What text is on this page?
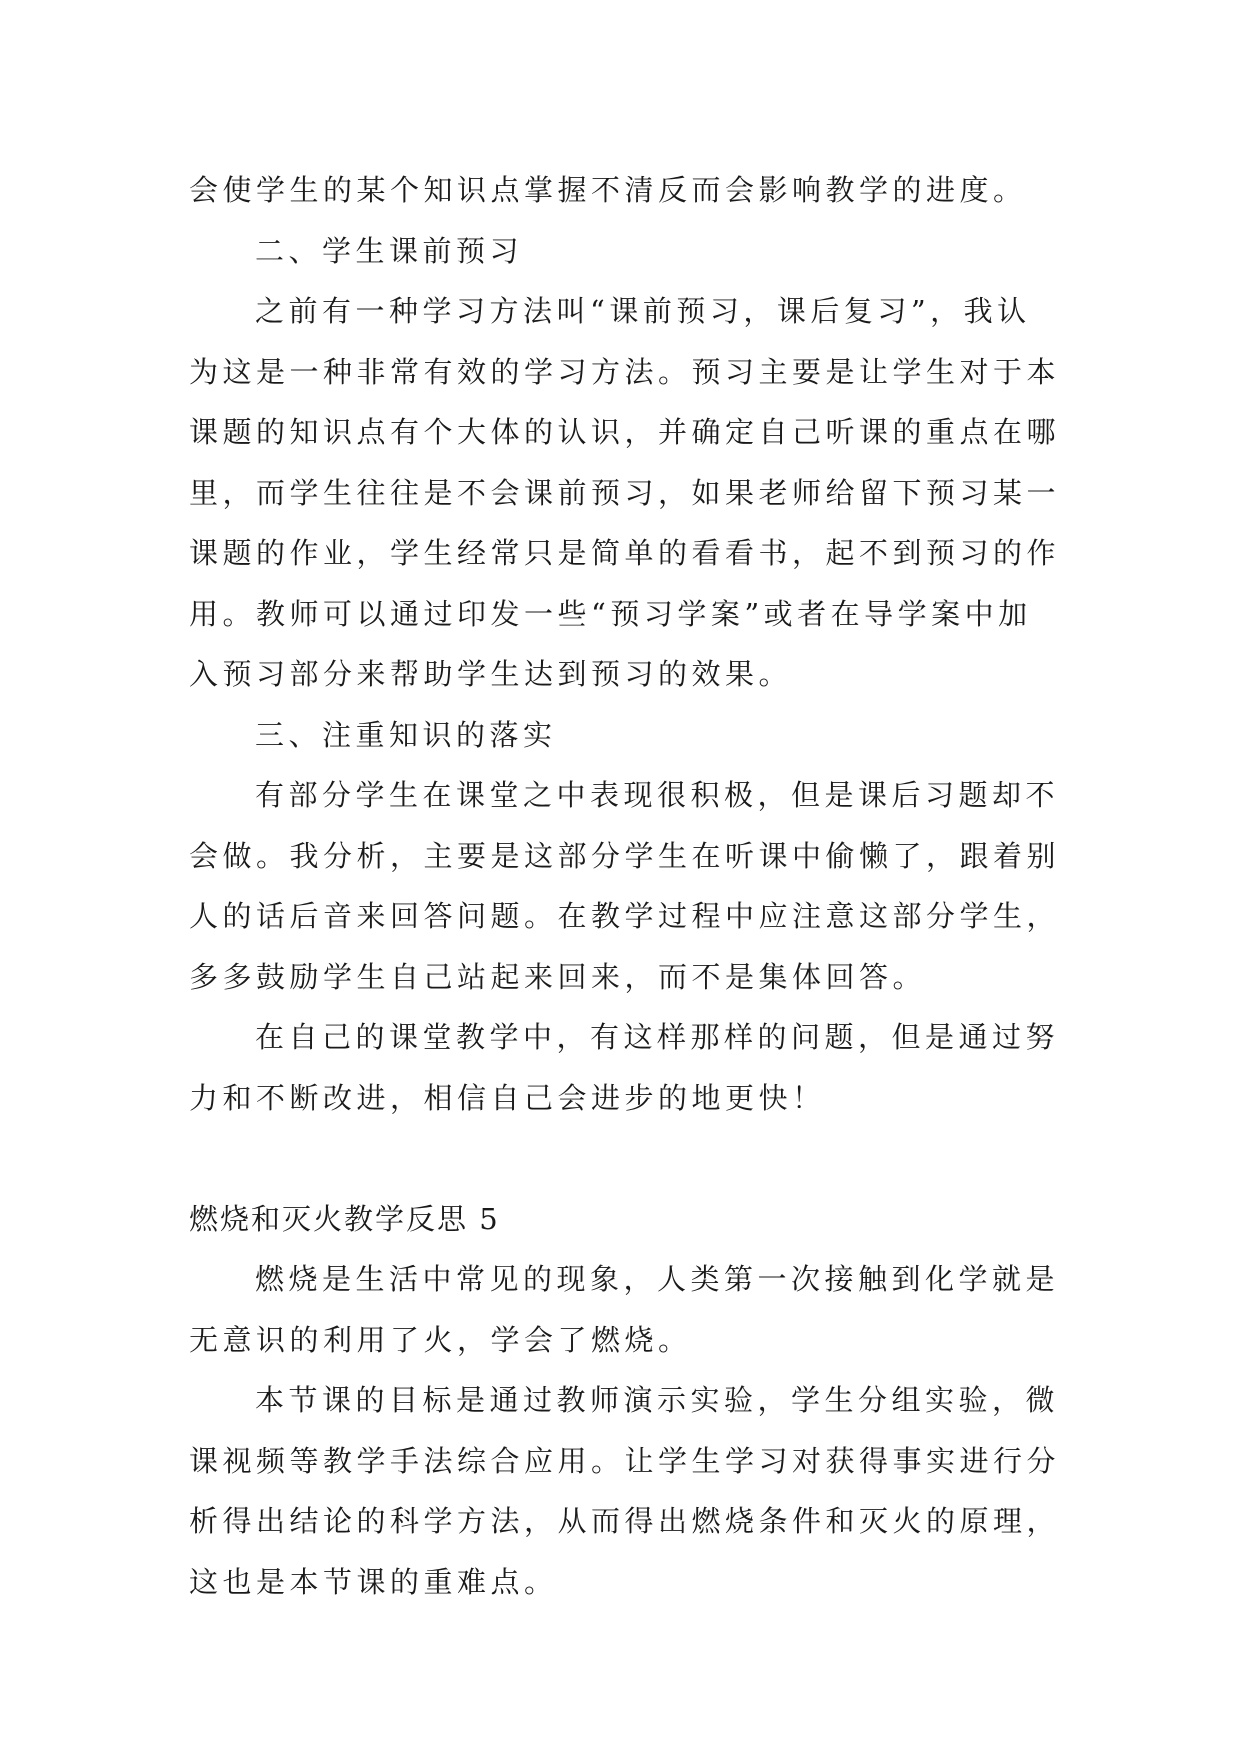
会使学生的某个知识点掌握不清反而会影响教学的进度。
二、学生课前预习
之前有一种学习方法叫“课前预习，课后复习”，我认
为这是一种非常有效的学习方法。预习主要是让学生对于本
课题的知识点有个大体的认识，并确定自己听课的重点在哪
里，而学生往往是不会课前预习，如果老师给留下预习某一
课题的作业，学生经常只是简单的看看书，起不到预习的作
用。教师可以通过印发一些“预习学案”或者在导学案中加
入预习部分来帮助学生达到预习的效果。
三、注重知识的落实
有部分学生在课堂之中表现很积极，但是课后习题却不
会做。我分析，主要是这部分学生在听课中偷懒了，跟着别
人的话后音来回答问题。在教学过程中应注意这部分学生，
多多鼓励学生自己站起来回来，而不是集体回答。
在自己的课堂教学中，有这样那样的问题，但是通过努
力和不断改进，相信自己会进步的地更快！
燃烧和灭火教学反思 5
燃烧是生活中常见的现象，人类第一次接触到化学就是
无意识的利用了火，学会了燃烧。
本节课的目标是通过教师演示实验，学生分组实验，微
课视频等教学手法综合应用。让学生学习对获得事实进行分
析得出结论的科学方法，从而得出燃烧条件和灭火的原理，
这也是本节课的重难点。
